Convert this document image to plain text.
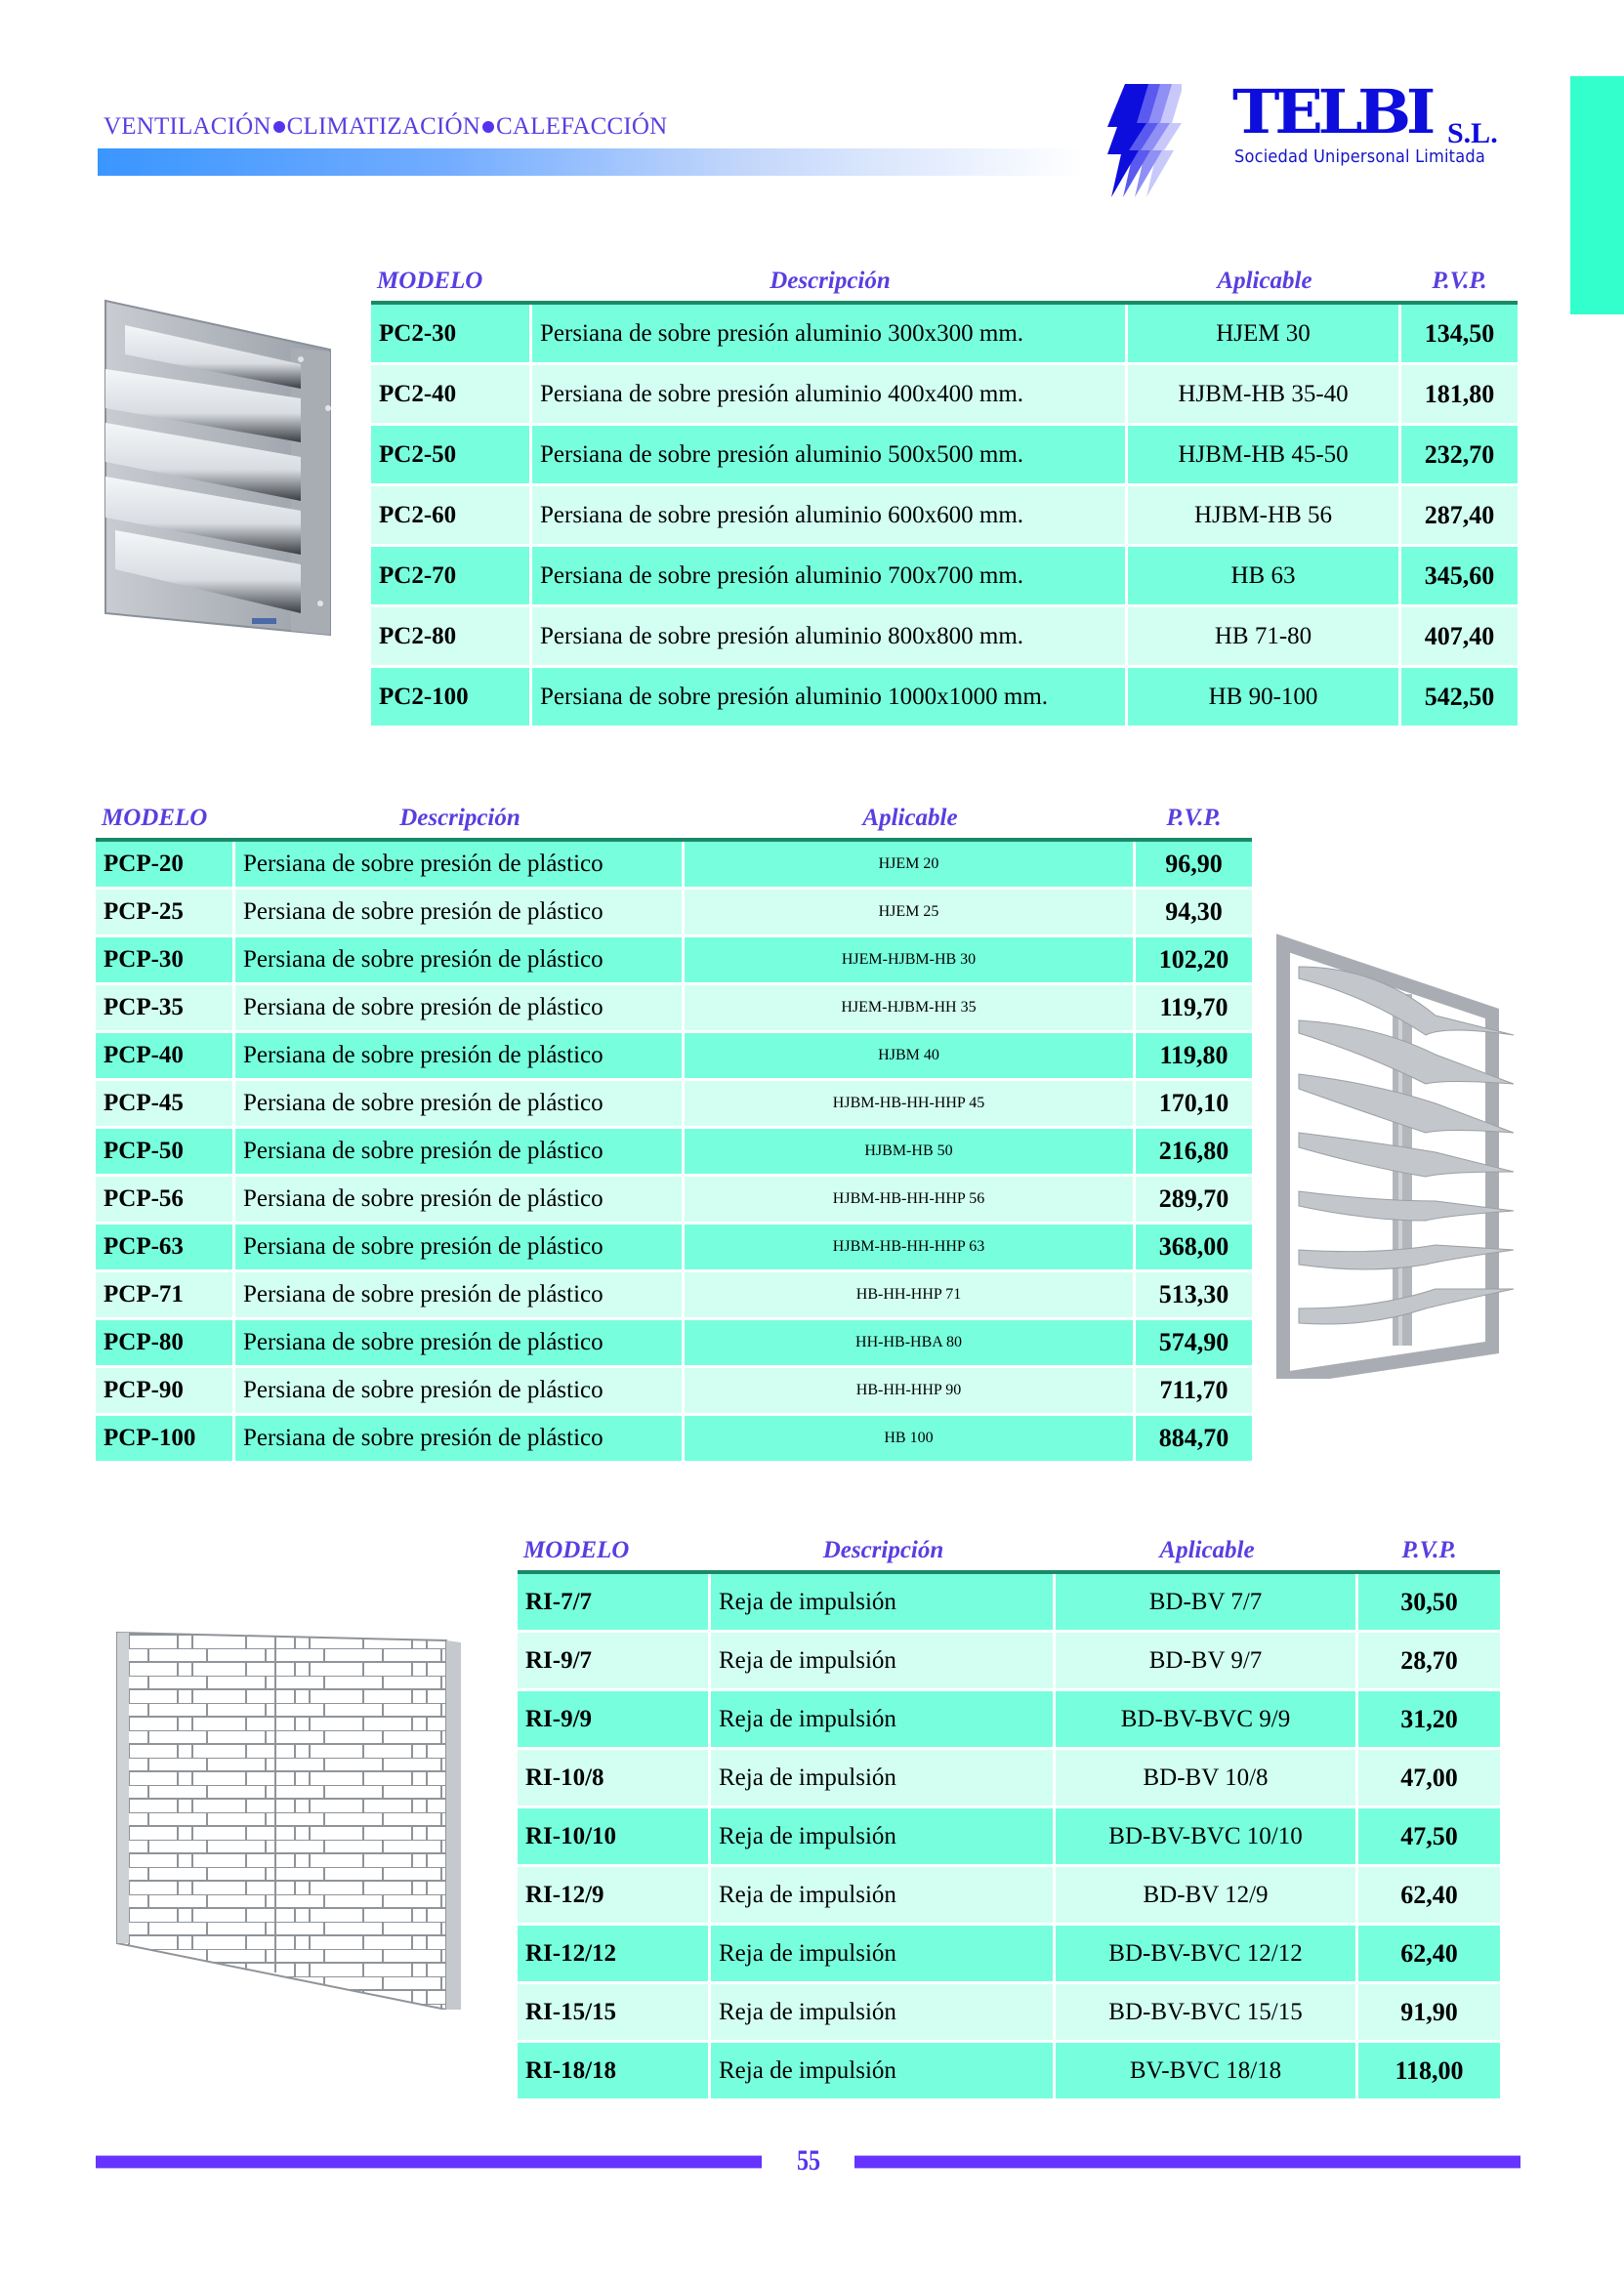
VENTILACIÓN CLIMATIZACIÓN CALEFACCIÓN	TELBI S.L.
Sociedad Unipersonal Limitada
MODELO	Descripción	Aplicable	P.V.P.

PC2-30	Persiana de sobre presión aluminio 300x300 mm.	HJEM 30	134,50
PC2-40	Persiana de sobre presión aluminio 400x400 mm.	HJBM-HB 35-40	181,80
PC2-50	Persiana de sobre presión aluminio 500x500 mm.	HJBM-HB 45-50	232,70
PC2-60	Persiana de sobre presión aluminio 600x600 mm.	HJBM-HB 56	287,40
PC2-70	Persiana de sobre presión aluminio 700x700 mm.	HB 63	345,60
PC2-80	Persiana de sobre presión aluminio 800x800 mm.	HB 71-80	407,40
PC2-100	Persiana de sobre presión aluminio 1000x1000 mm.	HB 90-100	542,50
MODELO	Descripción	Aplicable	P.V.P.

PCP-20	Persiana de sobre presión de plástico	HJEM 20	96,90
PCP-25	Persiana de sobre presión de plástico	HJEM 25	94,30
PCP-30	Persiana de sobre presión de plástico	HJEM-HJBM-HB 30	102,20
PCP-35	Persiana de sobre presión de plástico	HJEM-HJBM-HH 35	119,70
PCP-40	Persiana de sobre presión de plástico	HJBM 40	119,80
PCP-45	Persiana de sobre presión de plástico	HJBM-HB-HH-HHP 45	170,10
PCP-50	Persiana de sobre presión de plástico	HJBM-HB 50	216,80
PCP-56	Persiana de sobre presión de plástico	HJBM-HB-HH-HHP 56	289,70
PCP-63	Persiana de sobre presión de plástico	HJBM-HB-HH-HHP 63	368,00
PCP-71	Persiana de sobre presión de plástico	HB-HH-HHP 71	513,30
PCP-80	Persiana de sobre presión de plástico	HH-HB-HBA 80	574,90
PCP-90	Persiana de sobre presión de plástico	HB-HH-HHP 90	711,70
PCP-100	Persiana de sobre presión de plástico	HB 100	884,70
MODELO	Descripción	Aplicable	P.V.P.

RI-7/7	Reja de impulsión	BD-BV 7/7	30,50
RI-9/7	Reja de impulsión	BD-BV 9/7	28,70
RI-9/9	Reja de impulsión	BD-BV-BVC 9/9	31,20
RI-10/8	Reja de impulsión	BD-BV 10/8	47,00
RI-10/10	Reja de impulsión	BD-BV-BVC 10/10	47,50
RI-12/9	Reja de impulsión	BD-BV 12/9	62,40
RI-12/12	Reja de impulsión	BD-BV-BVC 12/12	62,40
RI-15/15	Reja de impulsión	BD-BV-BVC 15/15	91,90
RI-18/18	Reja de impulsión	BV-BVC 18/18	118,00
55
